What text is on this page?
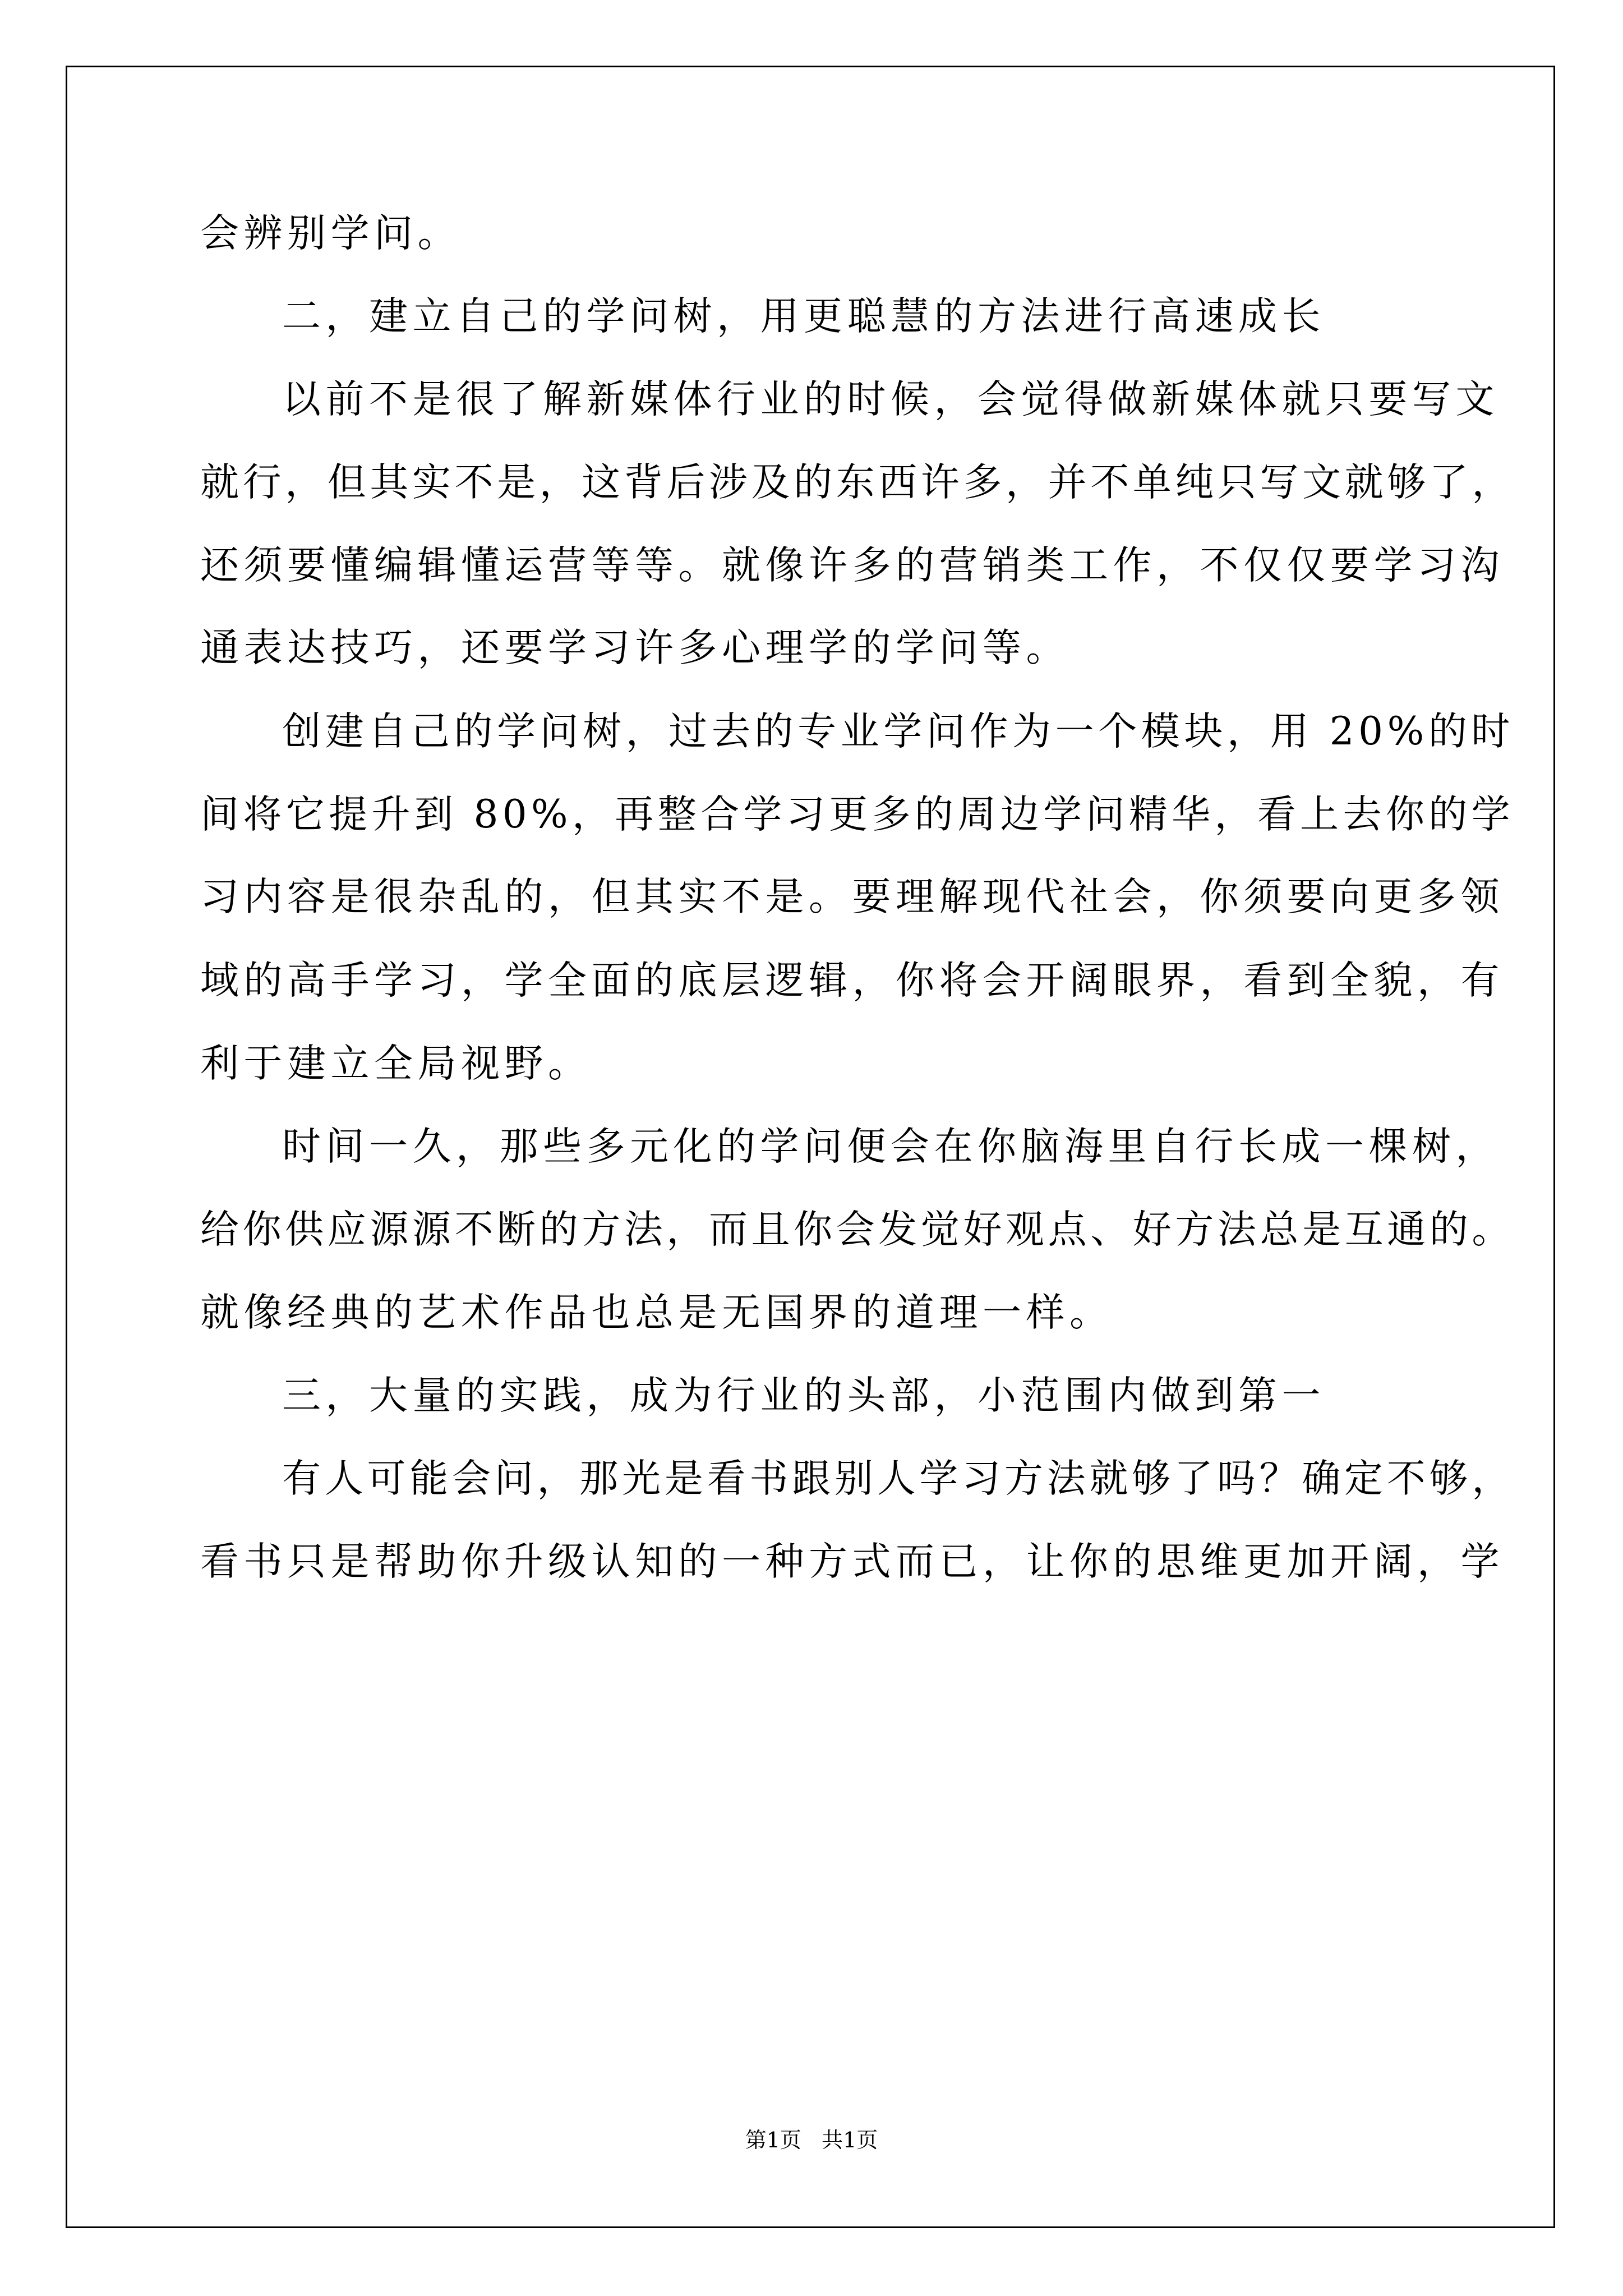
会辨别学问。
二，建立自己的学问树，用更聪慧的方法进行高速成长
以前不是很了解新媒体行业的时候，会觉得做新媒体就只要写文
就行，但其实不是，这背后涉及的东西许多，并不单纯只写文就够了，
还须要懂编辑懂运营等等。就像许多的营销类工作，不仅仅要学习沟
通表达技巧，还要学习许多心理学的学问等。
创建自己的学问树，过去的专业学问作为一个模块，用 20%的时
间将它提升到 80%，再整合学习更多的周边学问精华，看上去你的学
习内容是很杂乱的，但其实不是。要理解现代社会，你须要向更多领
域的高手学习，学全面的底层逻辑，你将会开阔眼界，看到全貌，有
利于建立全局视野。
时间一久，那些多元化的学问便会在你脑海里自行长成一棵树，
给你供应源源不断的方法，而且你会发觉好观点、好方法总是互通的。
就像经典的艺术作品也总是无国界的道理一样。
三，大量的实践，成为行业的头部，小范围内做到第一
有人可能会问，那光是看书跟别人学习方法就够了吗？确定不够，
看书只是帮助你升级认知的一种方式而已，让你的思维更加开阔，学
第1页   共1页
